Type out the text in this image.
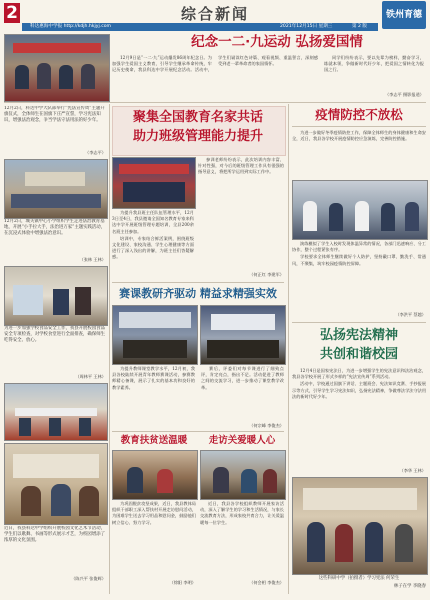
2	综合新闻	铁州育德
科达惠海中学报 http://kdjh.hkjyj.com	2021年12月15日 星期三	第 2 版
纪念一二·九运动 弘扬爱国情

12月9日是“一二·九”运动爆发86周年纪念日。为加强学生爱国主义教育，引导学生继承革命传统，牢记历史使命，我县科达中学开展纪念活动。活动中，学生们诵读红色诗篇、观看视频、重温誓言，深刻感受到老一辈革命者的家国情怀。

同学们纷纷表示，要以先辈为榜样，勤奋学习，练就本领，争做新时代好少年，把爱国之情转化为报国之行。

（李志平 摄影报道）
12月2日，科达中学大队部举行“宪法宣传周”主题升旗仪式，全体师生在国旗下庄严宣誓，学习宪法知识，增强法治观念，争当学法守法用法的好少年。
（李志平）
12月2日，城关镇中心小学组织学生走进法治教育基地，开展“小手拉大手，法治进万家”主题实践活动，在沉浸式体验中增强法治意识。
（张林 王林）
为进一步加强学校食品安全工作，我县开展校园食品安全专项检查，对学校食堂进行全面排查，确保师生吃得安全、放心。
（周林平 王林）
近日，我县科达中学组织开展校园文化艺术节活动，学生们以歌舞、书画等形式展示才艺，为校园增添了浓厚的文化氛围。
（陈兴平 张俊辉）
聚集全国教育名家共话
助力班级管理能力提升

为提升我县班主任队伍管理水平，12月3日至4日，我县邀请全国知名教育专家来科达中学开展班级管理专题培训，全县200余名班主任参加。

培训中，专家结合鲜活案例，围绕班级文化建设、家校沟通、学生心理健康等方面进行了深入浅出的讲解，为班主任们答疑解惑。

参训老师纷纷表示，此次培训内容丰富、针对性强，对今后的班级管理工作具有很强的指导意义，将把所学运用到实际工作中。

（何正红 李建军）
赛课教研齐驱动 精益求精强实效

为提升教师课堂教学水平，12月初，我县各校陆续开展青年教师赛课活动，参赛教师精心备课，展示了扎实的基本功和良好的教学素养。

赛后，评委们对每节课进行了细致点评，肯定亮点，指出不足。活动促进了教师之间的交流学习，进一步推动了课堂教学改革。

（何宗峰 李俊杰）
教育扶贫送温暖	走访关爱暖人心

为巩固脱贫攻坚成果，近日，我县教体局组织干部职工深入帮扶村开展走访慰问活动，为困难学生送去学习用品和慰问金，鼓励他们树立信心、努力学习。

（徐阳 李明）

近日，我县各学校组织教师开展家访活动，深入了解学生的学习和生活情况，与家长交流教育方法，形成家校共育合力，让关爱温暖每一位学生。

（何会相 李俊杰）
疫情防控不放松

为进一步做好冬季疫情防控工作，保障全体师生的身体健康和生命安全，近日，我县各学校开展疫情防控应急演练，完善防控措施。

演练模拟了学生入校时发现体温异常的情况，各部门迅速响应、分工协作，整个过程紧张有序。

学校要求全体师生继续做好个人防护，坚持戴口罩、勤洗手、常通风，不聚集，筑牢校园疫情防控屏障。

（李洪平 蔡越）
弘扬宪法精神
共创和谐校园

12月4日是国家宪法日，为进一步增强学生的宪法意识和法治观念，我县各学校开展了形式多样的“宪法宣传周”系列活动。

活动中，学校通过国旗下讲话、主题班会、宪法知识竞赛、手抄报展示等方式，引导学生学习宪法知识，弘扬宪法精神，争做尊法学法守法用法的新时代好少年。

（李华 王林）
这些科研中学（拍摄者）学习宪法 何荣生
林子在学 李晓春
